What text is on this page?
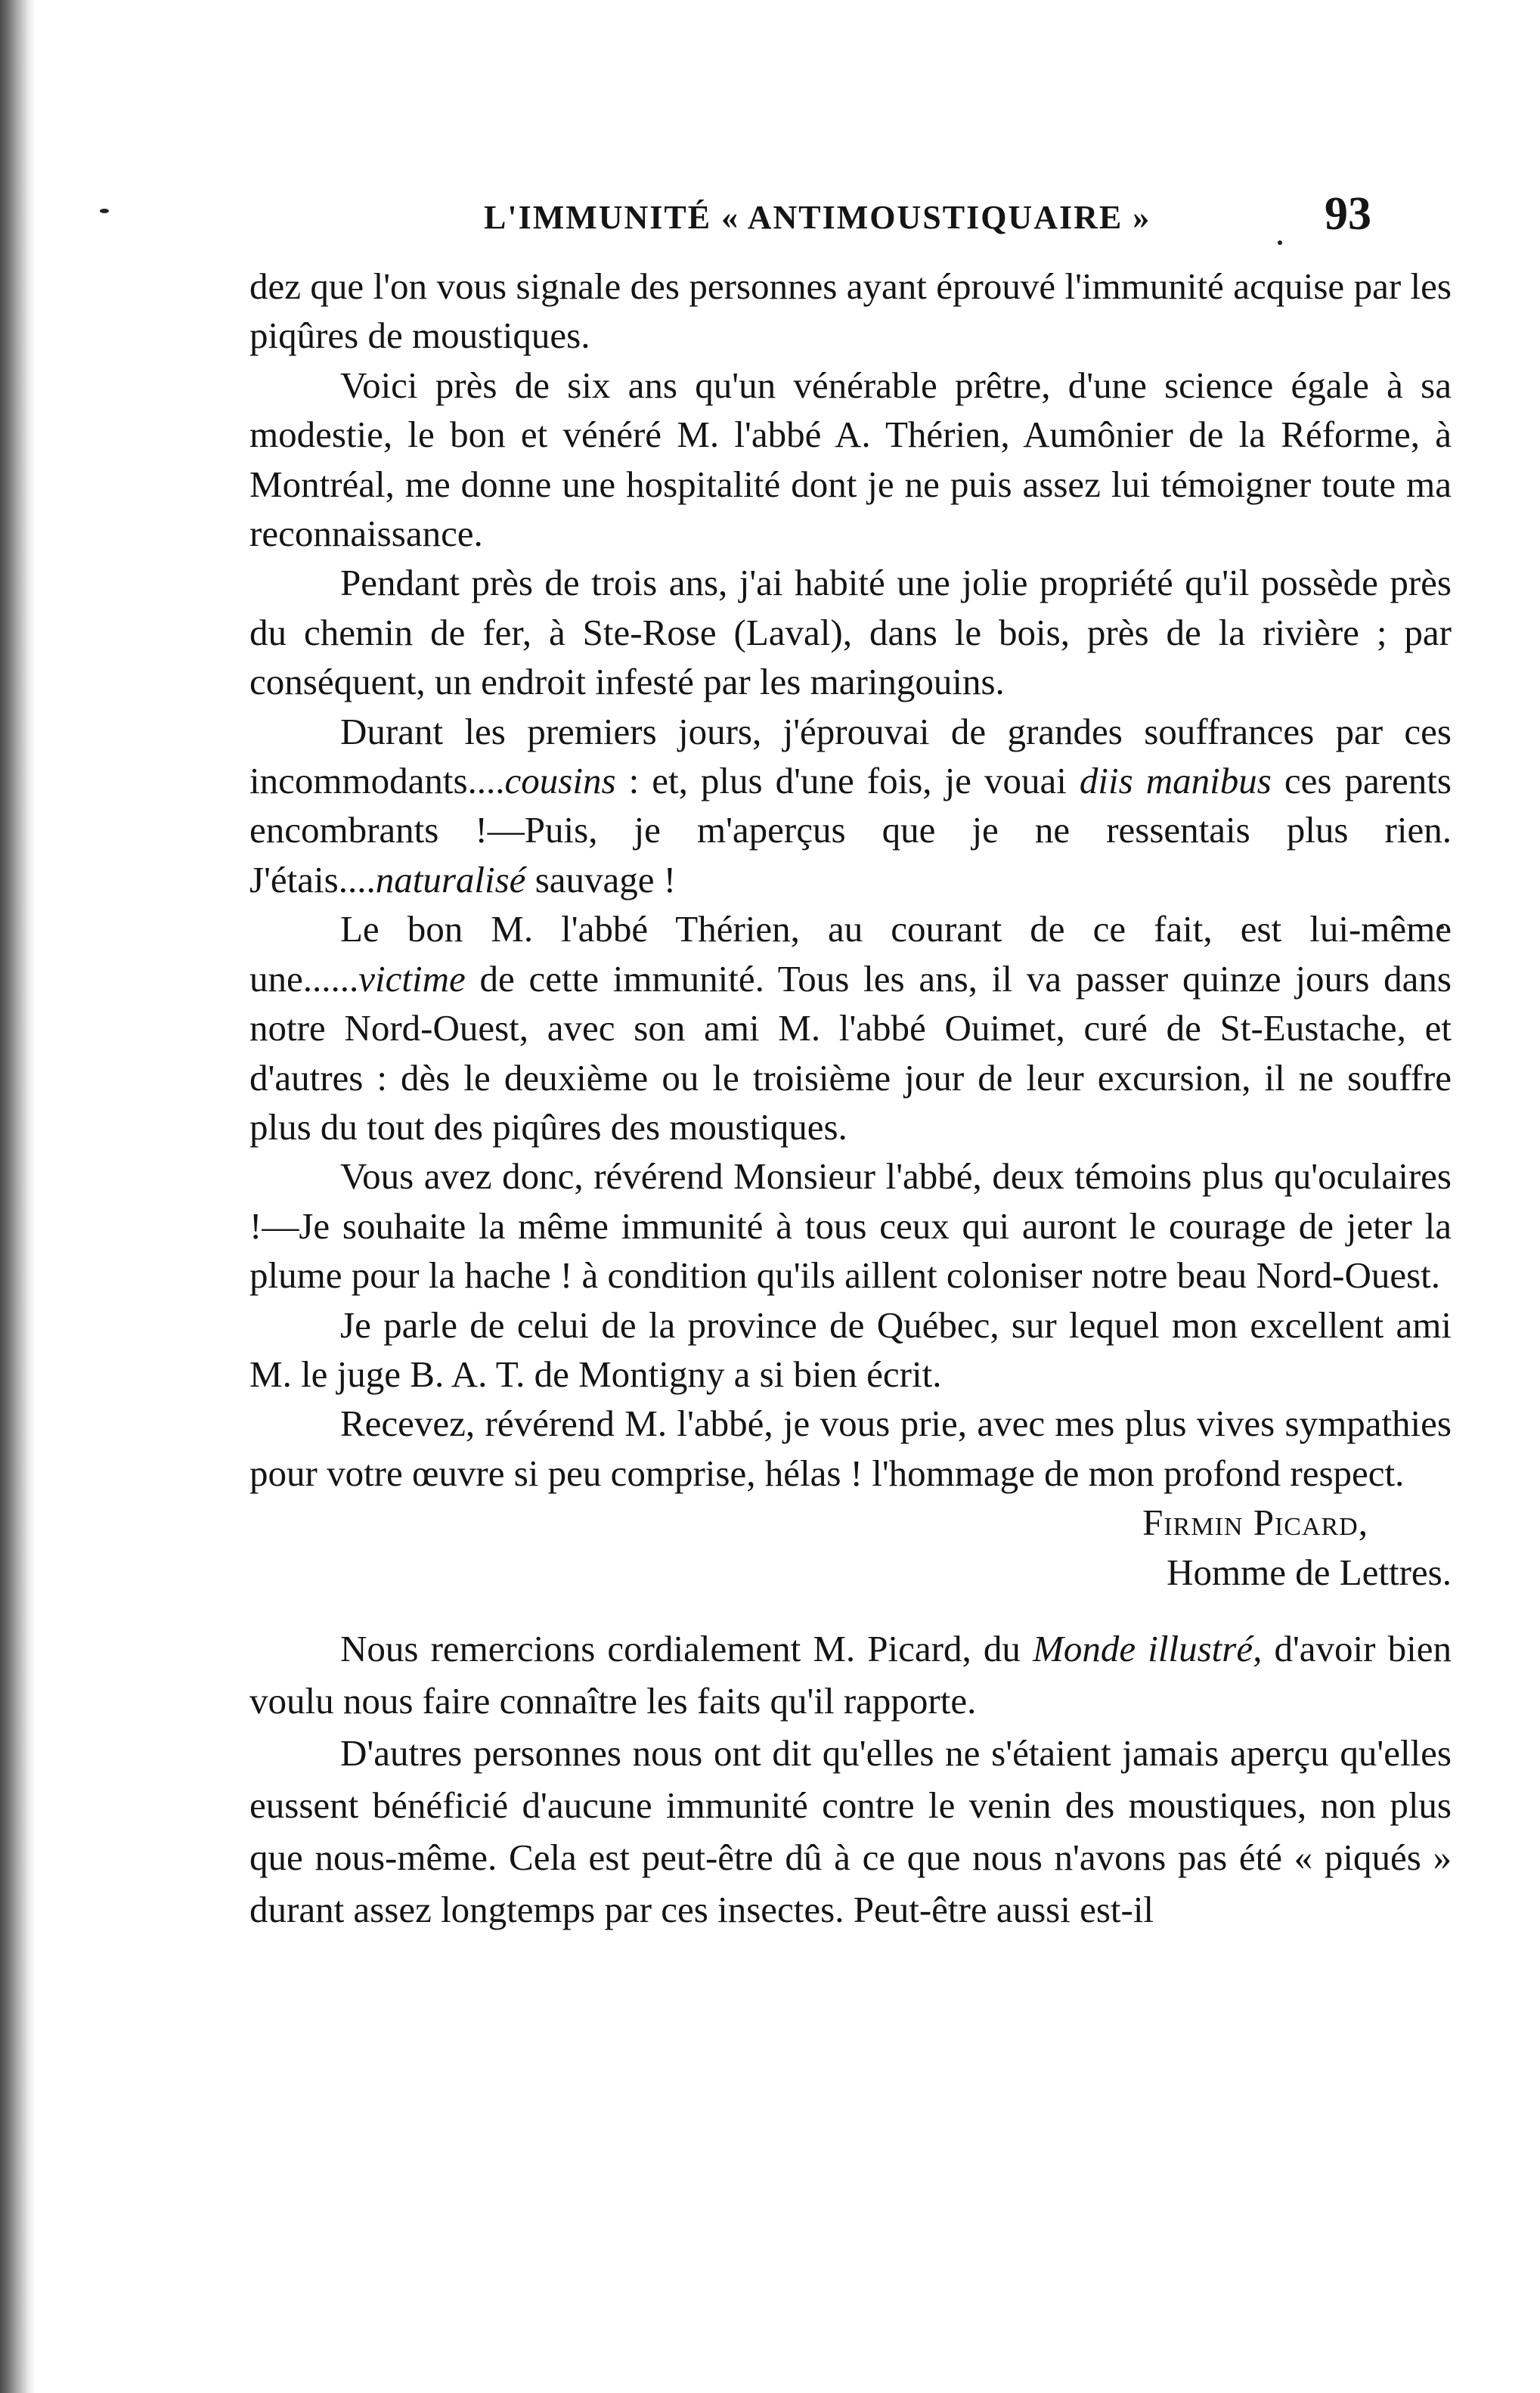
L'IMMUNITÉ « ANTIMOUSTIQUAIRE »	93

dez que l'on vous signale des personnes ayant éprouvé l'immunité acquise par les piqûres de moustiques.

Voici près de six ans qu'un vénérable prêtre, d'une science égale à sa modestie, le bon et vénéré M. l'abbé A. Thérien, Aumônier de la Réforme, à Montréal, me donne une hospitalité dont je ne puis assez lui témoigner toute ma reconnaissance.

Pendant près de trois ans, j'ai habité une jolie propriété qu'il possède près du chemin de fer, à Ste-Rose (Laval), dans le bois, près de la rivière ; par conséquent, un endroit infesté par les maringouins.

Durant les premiers jours, j'éprouvai de grandes souffrances par ces incommodants....cousins : et, plus d'une fois, je vouai diis manibus ces parents encombrants !—Puis, je m'aperçus que je ne ressentais plus rien. J'étais....naturalisé sauvage !

Le bon M. l'abbé Thérien, au courant de ce fait, est lui-même une......victime de cette immunité. Tous les ans, il va passer quinze jours dans notre Nord-Ouest, avec son ami M. l'abbé Ouimet, curé de St-Eustache, et d'autres : dès le deuxième ou le troisième jour de leur excursion, il ne souffre plus du tout des piqûres des moustiques.

Vous avez donc, révérend Monsieur l'abbé, deux témoins plus qu'oculaires !—Je souhaite la même immunité à tous ceux qui auront le courage de jeter la plume pour la hache ! à condition qu'ils aillent coloniser notre beau Nord-Ouest.

Je parle de celui de la province de Québec, sur lequel mon excellent ami M. le juge B. A. T. de Montigny a si bien écrit.

Recevez, révérend M. l'abbé, je vous prie, avec mes plus vives sympathies pour votre œuvre si peu comprise, hélas ! l'hommage de mon profond respect.

Firmin Picard,

Homme de Lettres.

Nous remercions cordialement M. Picard, du Monde illustré, d'avoir bien voulu nous faire connaître les faits qu'il rapporte.

D'autres personnes nous ont dit qu'elles ne s'étaient jamais aperçu qu'elles eussent bénéficié d'aucune immunité contre le venin des moustiques, non plus que nous-même. Cela est peut-être dû à ce que nous n'avons pas été « piqués » durant assez longtemps par ces insectes. Peut-être aussi est-il
